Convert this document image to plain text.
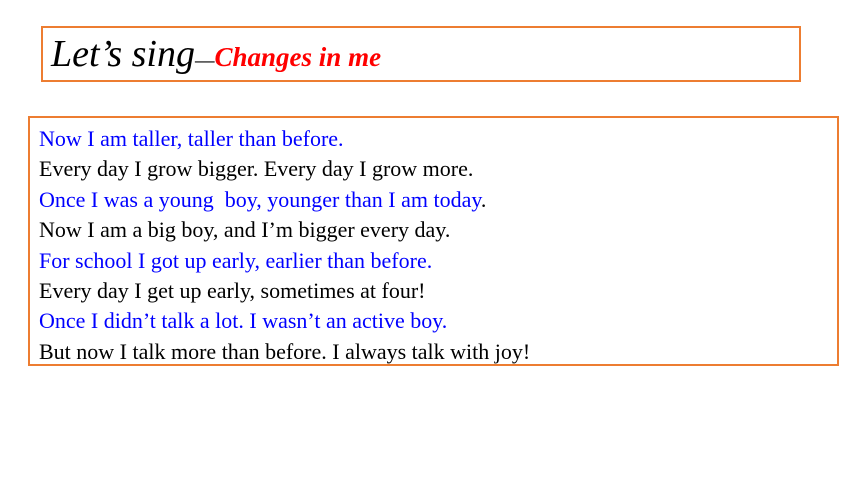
Let’s sing — Changes in me
Now I am taller, taller than before.
Every day I grow bigger. Every day I grow more.
Once I was a young  boy, younger than I am today.
Now I am a big boy, and I’m bigger every day.
For school I got up early, earlier than before.
Every day I get up early, sometimes at four!
Once I didn’t talk a lot. I wasn’t an active boy.
But now I talk more than before. I always talk with joy!
